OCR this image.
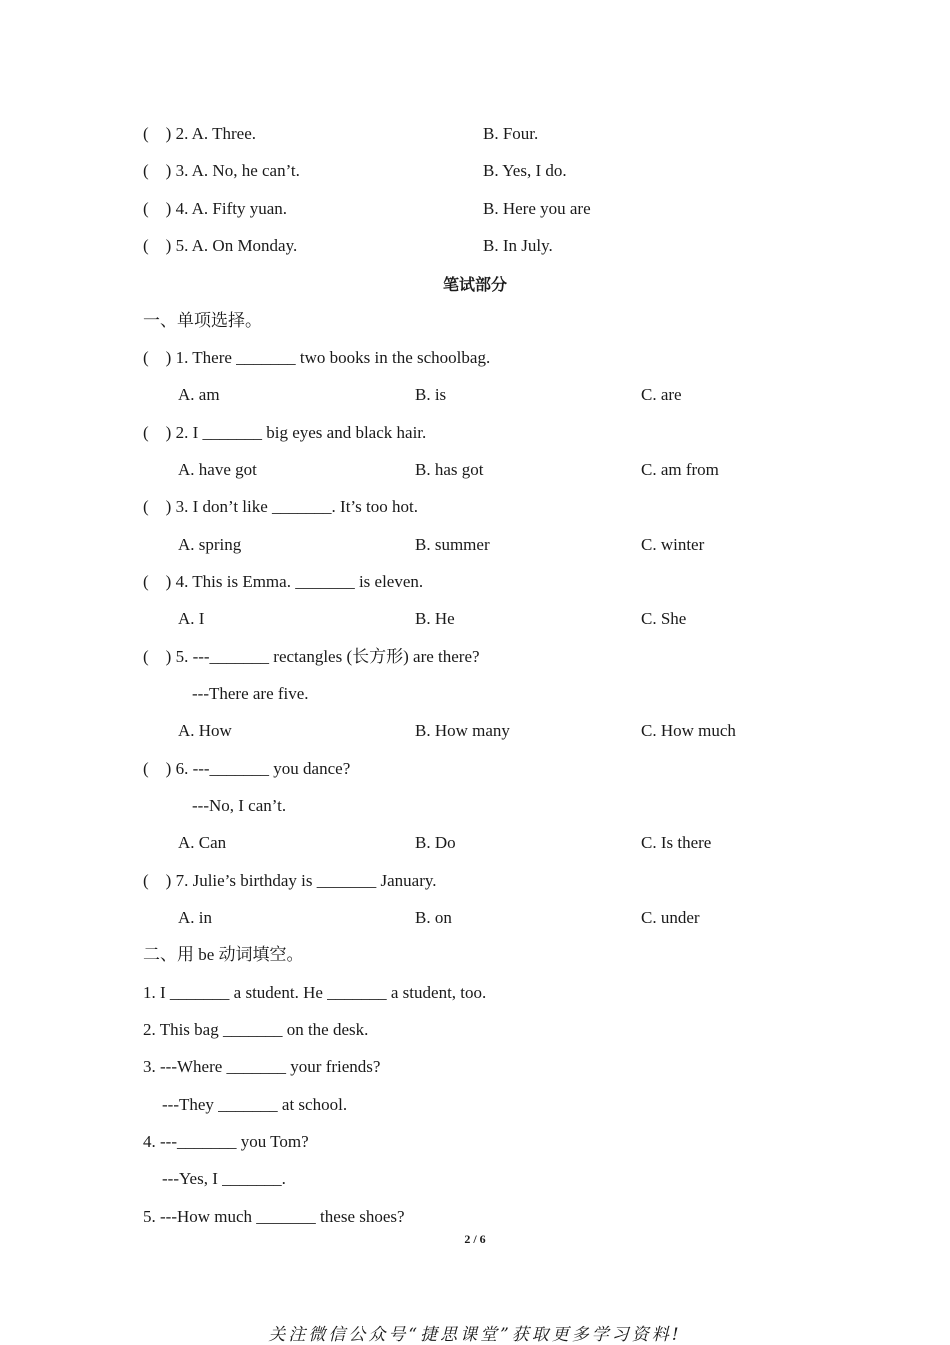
(    ) 2. A. Three.	B. Four.
(    ) 3. A. No, he can’t.	B. Yes, I do.
(    ) 4. A. Fifty yuan.	B. Here you are
(    ) 5. A. On Monday.	B. In July.
笔试部分
一、单项选择。
(    ) 1. There _______ two books in the schoolbag.
A. am	B. is	C. are
(    ) 2. I _______ big eyes and black hair.
A. have got	B. has got	C. am from
(    ) 3. I don’t like _______. It’s too hot.
A. spring	B. summer	C. winter
(    ) 4. This is Emma. _______ is eleven.
A. I	B. He	C. She
(    ) 5. ---_______ rectangles (长方形) are there?
---There are five.
A. How	B. How many	C. How much
(    ) 6. ---_______ you dance?
---No, I can’t.
A. Can	B. Do	C. Is there
(    ) 7. Julie’s birthday is _______ January.
A. in	B. on	C. under
二、用 be 动词填空。
1. I _______ a student. He _______ a student, too.
2. This bag _______ on the desk.
3. ---Where _______ your friends?
---They _______ at school.
4. ---_______ you Tom?
---Yes, I _______.
5. ---How much _______ these shoes?
2 / 6
关注微信公众号“捷思课堂”获取更多学习资料!
